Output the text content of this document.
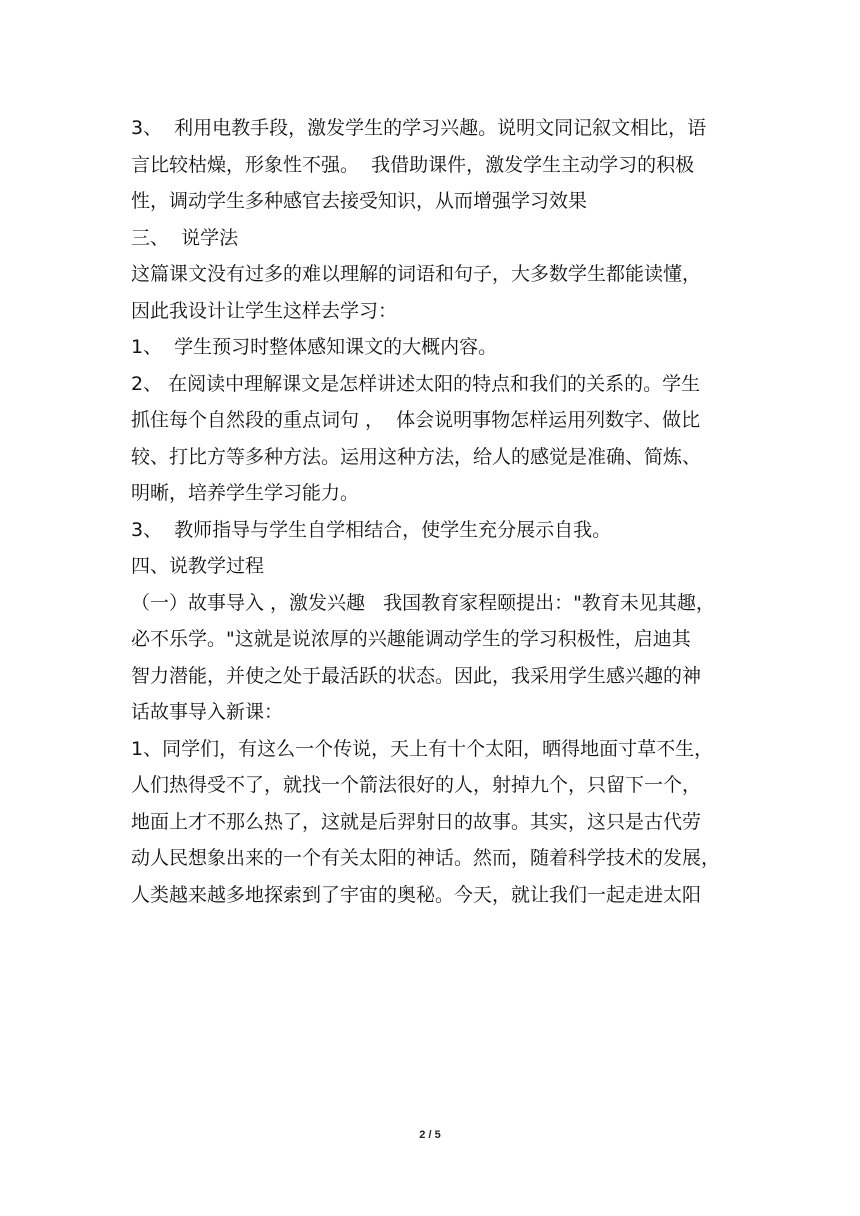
3、  利用电教手段，激发学生的学习兴趣。说明文同记叙文相比，语
言比较枯燥，形象性不强。  我借助课件，激发学生主动学习的积极
性，调动学生多种感官去接受知识，从而增强学习效果
三、  说学法
这篇课文没有过多的难以理解的词语和句子，大多数学生都能读懂，
因此我设计让学生这样去学习：
1、  学生预习时整体感知课文的大概内容。
2、 在阅读中理解课文是怎样讲述太阳的特点和我们的关系的。学生
抓住每个自然段的重点词句 ，  体会说明事物怎样运用列数字、做比
较、打比方等多种方法。运用这种方法，给人的感觉是准确、简炼、
明晰，培养学生学习能力。
3、  教师指导与学生自学相结合，使学生充分展示自我。
四、说教学过程
（一）故事导入 ，激发兴趣   我国教育家程颐提出："教育未见其趣，
必不乐学。"这就是说浓厚的兴趣能调动学生的学习积极性，启迪其
智力潜能，并使之处于最活跃的状态。因此，我采用学生感兴趣的神
话故事导入新课：
1、同学们，有这么一个传说，天上有十个太阳，晒得地面寸草不生，
人们热得受不了，就找一个箭法很好的人，射掉九个，只留下一个，
地面上才不那么热了，这就是后羿射日的故事。其实，这只是古代劳
动人民想象出来的一个有关太阳的神话。然而，随着科学技术的发展，
人类越来越多地探索到了宇宙的奥秘。今天，就让我们一起走进太阳
2 / 5
